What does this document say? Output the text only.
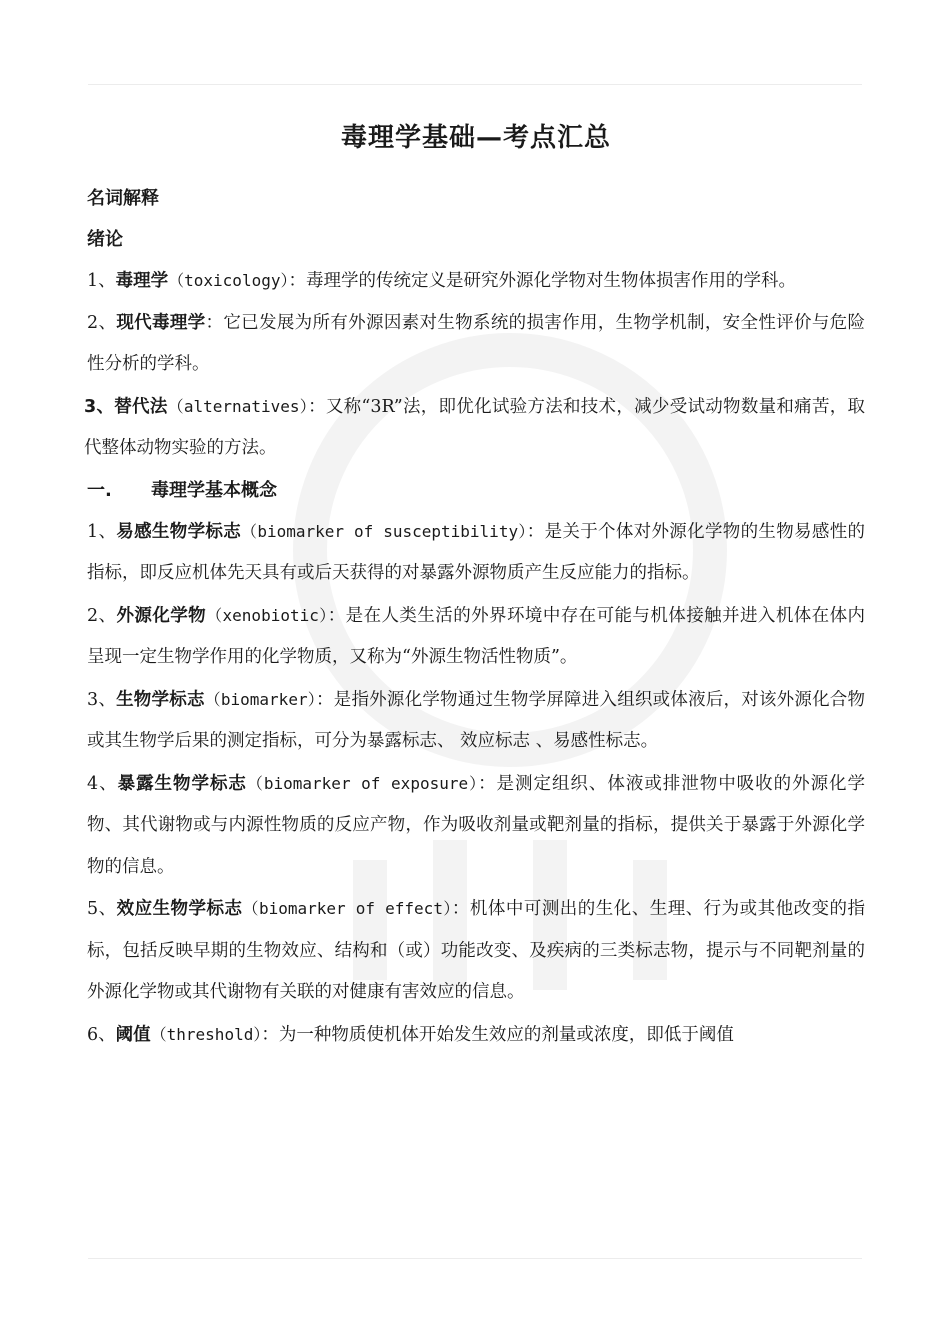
毒理学基础—考点汇总

名词解释

绪论

1、毒理学（toxicology）：毒理学的传统定义是研究外源化学物对生物体损害作用的学科。

2、现代毒理学：它已发展为所有外源因素对生物系统的损害作用，生物学机制，安全性评价与危险性分析的学科。

3、替代法（alternatives）：又称“3R”法，即优化试验方法和技术，减少受试动物数量和痛苦，取代整体动物实验的方法。

一. 毒理学基本概念

1、易感生物学标志（biomarker of susceptibility）：是关于个体对外源化学物的生物易感性的指标，即反应机体先天具有或后天获得的对暴露外源物质产生反应能力的指标。

2、外源化学物（xenobiotic）：是在人类生活的外界环境中存在可能与机体接触并进入机体在体内呈现一定生物学作用的化学物质，又称为“外源生物活性物质”。

3、生物学标志（biomarker）：是指外源化学物通过生物学屏障进入组织或体液后，对该外源化合物或其生物学后果的测定指标，可分为暴露标志、 效应标志 、易感性标志。

4、暴露生物学标志（biomarker of exposure）：是测定组织、体液或排泄物中吸收的外源化学物、其代谢物或与内源性物质的反应产物，作为吸收剂量或靶剂量的指标，提供关于暴露于外源化学物的信息。

5、效应生物学标志（biomarker of effect）：机体中可测出的生化、生理、行为或其他改变的指标，包括反映早期的生物效应、结构和（或）功能改变、及疾病的三类标志物，提示与不同靶剂量的外源化学物或其代谢物有关联的对健康有害效应的信息。

6、阈值（threshold）：为一种物质使机体开始发生效应的剂量或浓度，即低于阈值
